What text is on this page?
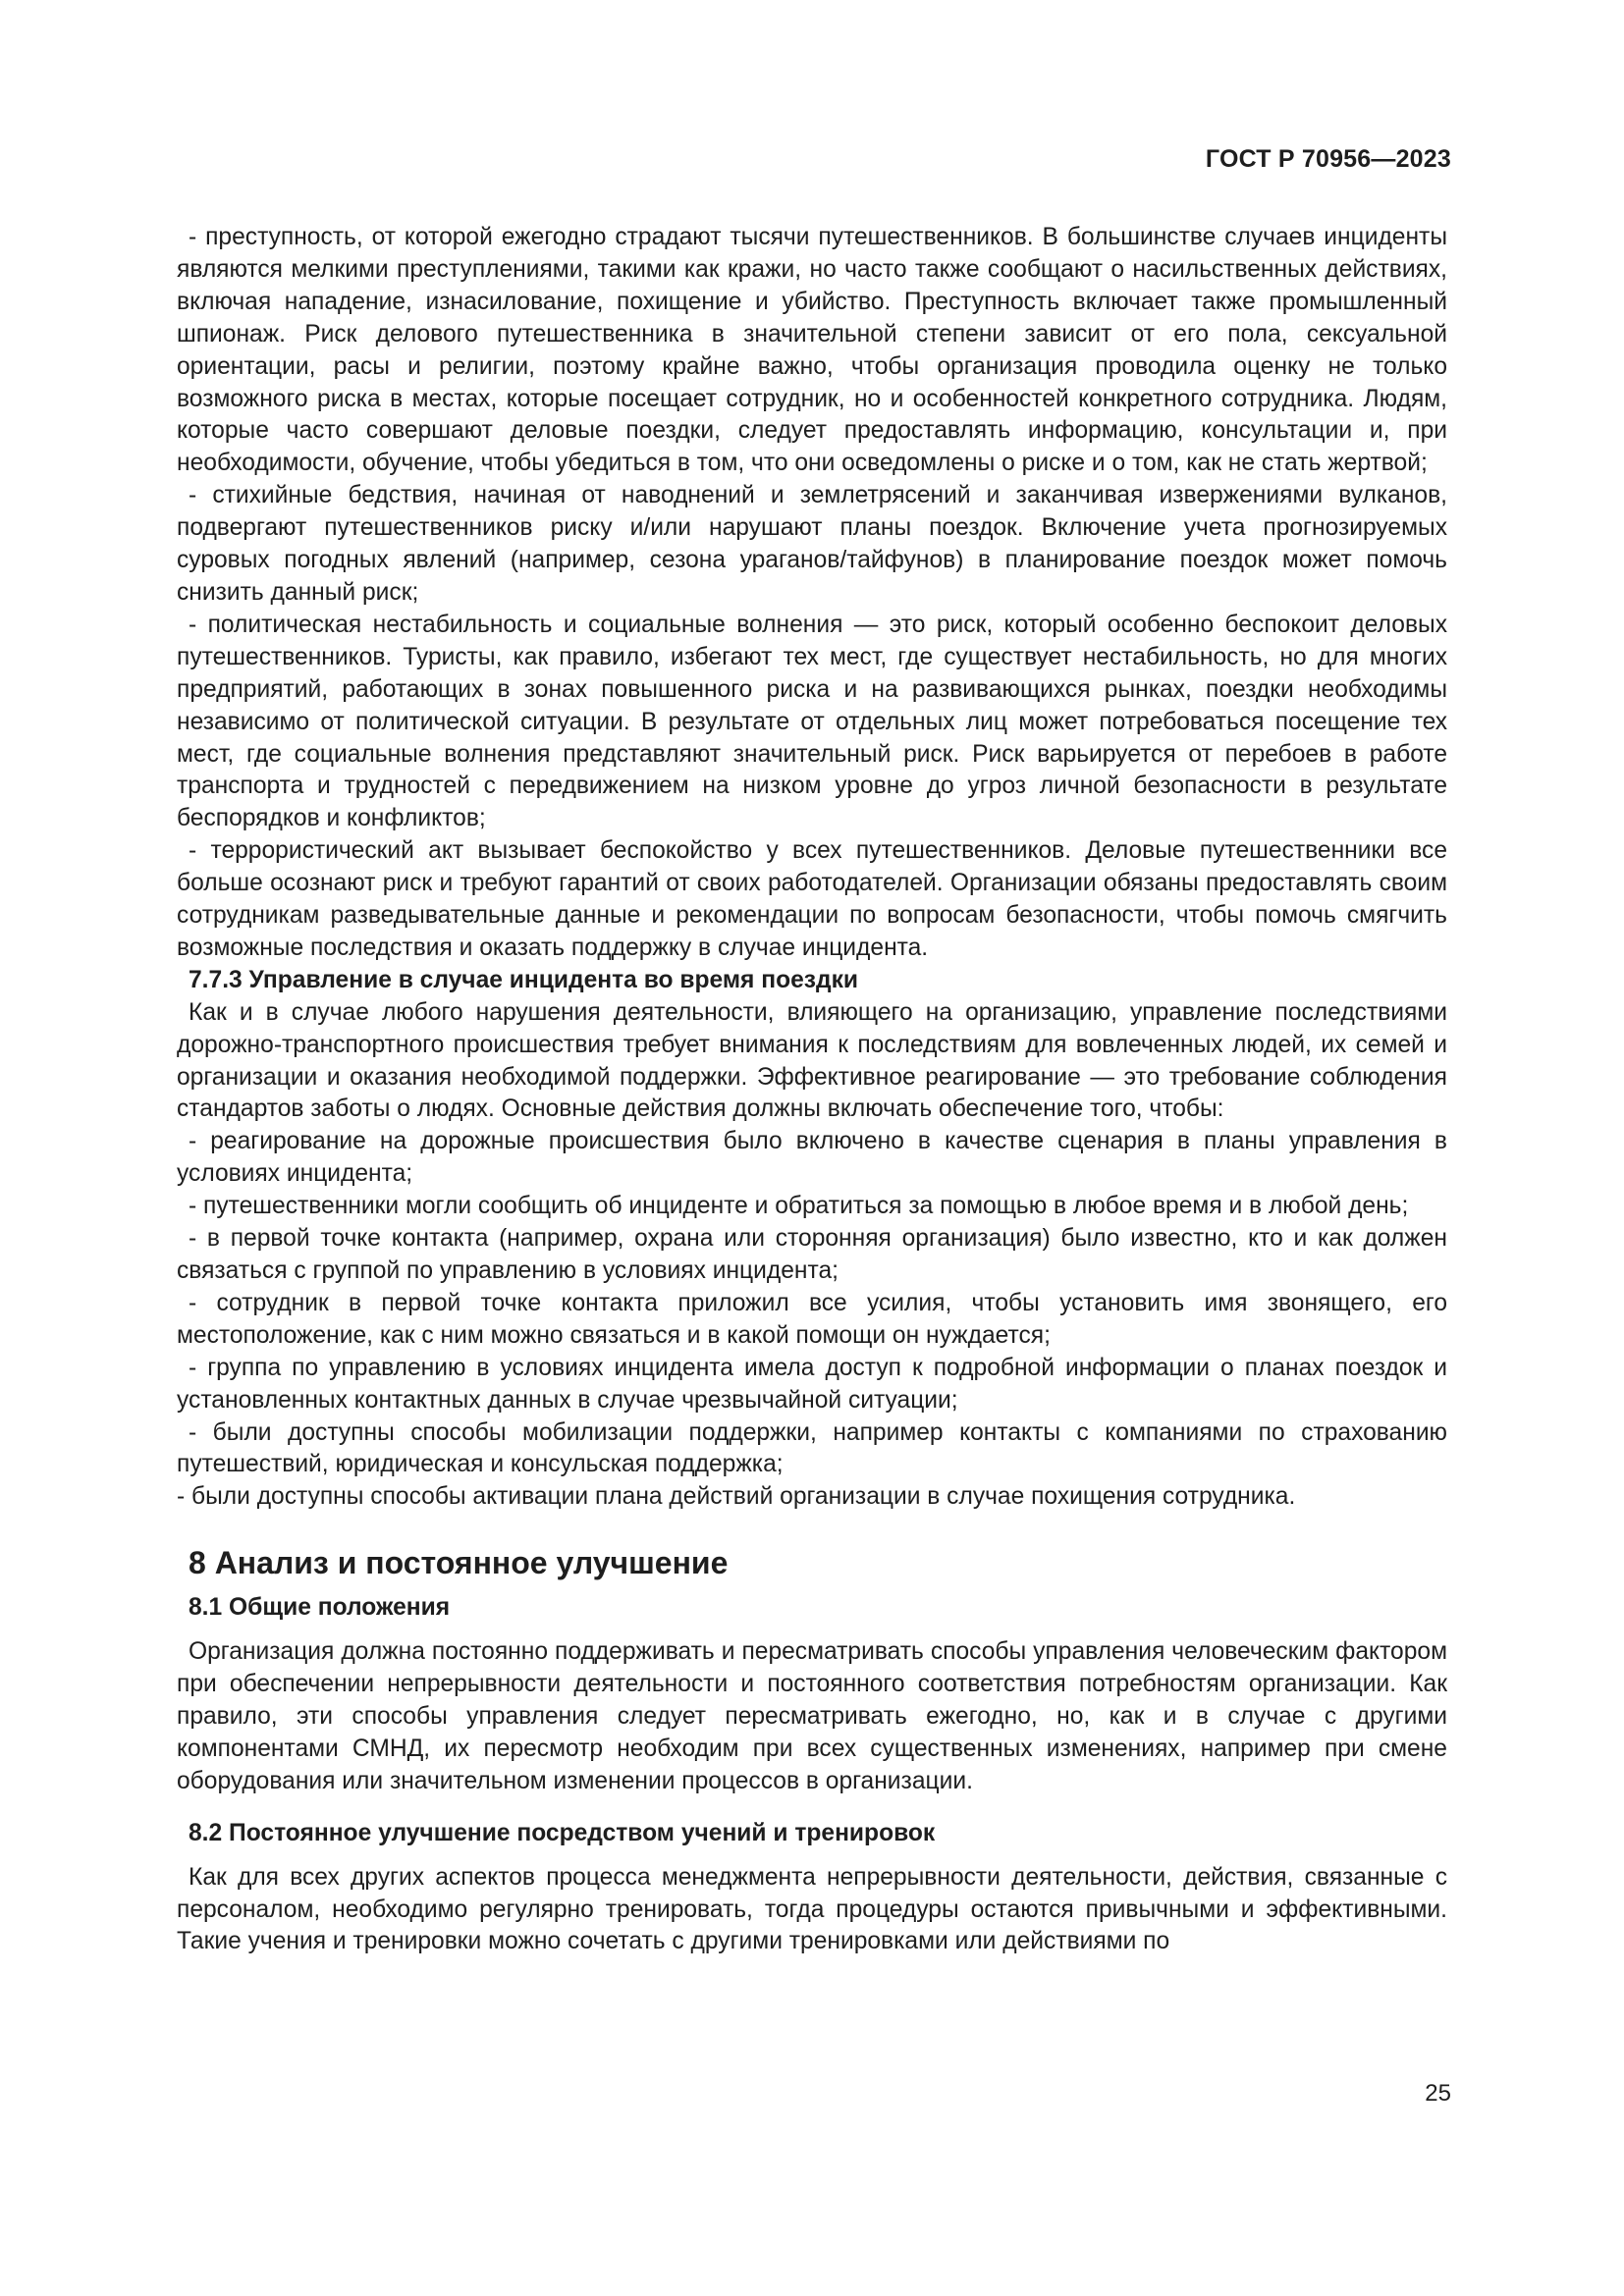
ГОСТ Р 70956—2023

- преступность, от которой ежегодно страдают тысячи путешественников. В большинстве случаев инциденты являются мелкими преступлениями, такими как кражи, но часто также сообщают о насильственных действиях, включая нападение, изнасилование, похищение и убийство. Преступность включает также промышленный шпионаж. Риск делового путешественника в значительной степени зависит от его пола, сексуальной ориентации, расы и религии, поэтому крайне важно, чтобы организация проводила оценку не только возможного риска в местах, которые посещает сотрудник, но и особенностей конкретного сотрудника. Людям, которые часто совершают деловые поездки, следует предоставлять информацию, консультации и, при необходимости, обучение, чтобы убедиться в том, что они осведомлены о риске и о том, как не стать жертвой;

- стихийные бедствия, начиная от наводнений и землетрясений и заканчивая извержениями вулканов, подвергают путешественников риску и/или нарушают планы поездок. Включение учета прогнозируемых суровых погодных явлений (например, сезона ураганов/тайфунов) в планирование поездок может помочь снизить данный риск;

- политическая нестабильность и социальные волнения — это риск, который особенно беспокоит деловых путешественников. Туристы, как правило, избегают тех мест, где существует нестабильность, но для многих предприятий, работающих в зонах повышенного риска и на развивающихся рынках, поездки необходимы независимо от политической ситуации. В результате от отдельных лиц может потребоваться посещение тех мест, где социальные волнения представляют значительный риск. Риск варьируется от перебоев в работе транспорта и трудностей с передвижением на низком уровне до угроз личной безопасности в результате беспорядков и конфликтов;

- террористический акт вызывает беспокойство у всех путешественников. Деловые путешественники все больше осознают риск и требуют гарантий от своих работодателей. Организации обязаны предоставлять своим сотрудникам разведывательные данные и рекомендации по вопросам безопасности, чтобы помочь смягчить возможные последствия и оказать поддержку в случае инцидента.

7.7.3 Управление в случае инцидента во время поездки

Как и в случае любого нарушения деятельности, влияющего на организацию, управление последствиями дорожно-транспортного происшествия требует внимания к последствиям для вовлеченных людей, их семей и организации и оказания необходимой поддержки. Эффективное реагирование — это требование соблюдения стандартов заботы о людях. Основные действия должны включать обеспечение того, чтобы:

- реагирование на дорожные происшествия было включено в качестве сценария в планы управления в условиях инцидента;

- путешественники могли сообщить об инциденте и обратиться за помощью в любое время и в любой день;

- в первой точке контакта (например, охрана или сторонняя организация) было известно, кто и как должен связаться с группой по управлению в условиях инцидента;

- сотрудник в первой точке контакта приложил все усилия, чтобы установить имя звонящего, его местоположение, как с ним можно связаться и в какой помощи он нуждается;

- группа по управлению в условиях инцидента имела доступ к подробной информации о планах поездок и установленных контактных данных в случае чрезвычайной ситуации;

- были доступны способы мобилизации поддержки, например контакты с компаниями по страхованию путешествий, юридическая и консульская поддержка;

- были доступны способы активации плана действий организации в случае похищения сотрудника.

8 Анализ и постоянное улучшение

8.1 Общие положения

Организация должна постоянно поддерживать и пересматривать способы управления человеческим фактором при обеспечении непрерывности деятельности и постоянного соответствия потребностям организации. Как правило, эти способы управления следует пересматривать ежегодно, но, как и в случае с другими компонентами СМНД, их пересмотр необходим при всех существенных изменениях, например при смене оборудования или значительном изменении процессов в организации.

8.2 Постоянное улучшение посредством учений и тренировок

Как для всех других аспектов процесса менеджмента непрерывности деятельности, действия, связанные с персоналом, необходимо регулярно тренировать, тогда процедуры остаются привычными и эффективными. Такие учения и тренировки можно сочетать с другими тренировками или действиями по

25
